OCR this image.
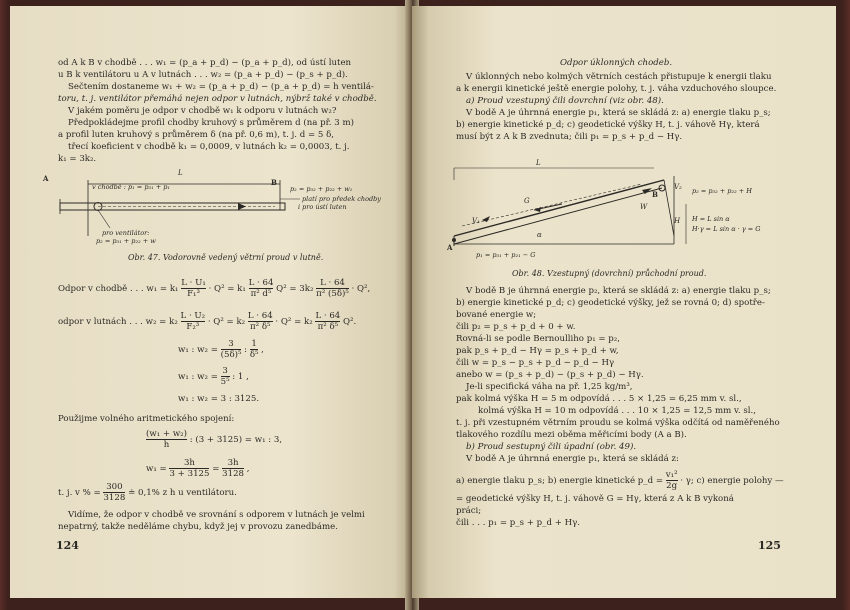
od A k B v chodbě . . . w₁ = (p_a + p_d) − (p_a + p_d), od ústí luten
u B k ventilátoru u A v lutnách . . . w₂ = (p_a + p_d) − (p_s + p_d).
Sečtením dostaneme w₁ + w₂ = (p_a + p_d) − (p_a + p_d) = h ventilá-
toru, t. j. ventilátor přemáhá nejen odpor v lutnách, nýbrž také v chodbě.
V jakém poměru je odpor v chodbě w₁ k odporu v lutnách w₂?
Předpokládejme profil chodby kruhový s průměrem d (na př. 3 m)
a profil luten kruhový s průměrem δ (na př. 0,6 m), t. j. d = 5 δ,
třecí koeficient v chodbě k₁ = 0,0009, v lutnách k₂ = 0,0003, t. j.
k₁ = 3k₂.
A	B
L
v chodbě : p₁ = p₃₁ + p₁	p₂ = p₃₂ + p₂₂ + w₁
platí pro předek chodby
i pro ústí luten
pro ventilátor:
p₂ = p₃₁ + p₂₂ + w
Obr. 47. Vodorovně vedený větrní proud v lutně.
Odpor v chodbě . . . $w_1 = k_1 \frac{\text{L · U₁}}{\text{F₁³}} \cdot Q^2 = k_1 \frac{L \cdot 64}{\text{π² d⁵}} Q^2 = 3k_2 \frac{L \cdot 64}{\text{π² (5δ)⁵}} \cdot Q^2$,
odpor v lutnách . . . $w_2 = k_2 \frac{\text{L · U₂}}{\text{F₂³}} \cdot Q^2 = k_2 \frac{L \cdot 64}{\text{π² δ⁵}} \cdot Q^2 = k_2 \frac{L \cdot 64}{\text{π² δ⁵}} Q^2$.
w₁ : $w_2 = \frac{3}{\text{(5δ)⁵}}$ : $\frac{1}{\text{δ⁵}}$ ,
w₁ : $w_2 = \frac{3}{\text{5⁵}}$ : 1 ,
w₁ : w₂ = 3 : 3125.
Použijme volného aritmetického spojení:
$\frac{\text{(w₁ + w₂)}}{h}$ : (3 + 3125) = w₁ : 3,
$w_1 = \frac{3h}{3 + 3125} = \frac{3h}{3128}$ ,
t. j. v % = $\frac{300}{3128}$ ≐ 0,1% z h u ventilátoru.
Vidíme, že odpor v chodbě ve srovnání s odporem v lutnách je velmi
nepatrný, takže neděláme chybu, když jej v provozu zanedbáme.
124
Odpor úklonných chodeb.
V úklonných nebo kolmých větrních cestách přistupuje k energii tlaku
a k energii kinetické ještě energie polohy, t. j. váha vzduchového sloupce.
a) Proud vzestupný čili dovrchní (viz obr. 48).
V bodě A je úhrnná energie p₁, která se skládá z: a) energie tlaku p_s;
b) energie kinetické p_d; c) geodetické výšky H, t. j. váhově Hγ, která
musí být z A k B zvednuta; čili p₁ = p_s + p_d − Hγ.
A
B
L
G
W
V₁
V₂
α
H
p₂ = p₃₂ + p₂₂ + H
H = L sin α
H·γ = L sin α · γ = G
p₁ = p₃₁ + p₂₁ − G
Obr. 48. Vzestupný (dovrchní) průchodní proud.
V bodě B je úhrnná energie p₂, která se skládá z: a) energie tlaku p_s;
b) energie kinetické p_d; c) geodetické výšky, jež se rovná 0; d) spotře-
bované energie w;
čili p₂ = p_s + p_d + 0 + w.
Rovná-li se podle Bernoulliho p₁ = p₂,
pak p_s + p_d − Hγ = p_s + p_d + w,
čili w = p_s − p_s + p_d − p_d − Hγ
anebo w = (p_s + p_d) − (p_s + p_d) − Hγ.
Je-li specifická váha na př. 1,25 kg/m³,
pak kolmá výška H = 5 m odpovídá . . . 5 × 1,25 = 6,25 mm v. sl.,
kolmá výška H = 10 m odpovídá . . . 10 × 1,25 = 12,5 mm v. sl.,
t. j. při vzestupném větrním proudu se kolmá výška odčítá od naměřeného
tlakového rozdílu mezi oběma měřicími body (A a B).
b) Proud sestupný čili úpadní (obr. 49).
V bodě A je úhrnná energie p₁, která se skládá z:
a) energie tlaku p_s; b) energie kinetické p_d = $\frac{\text{v₁²}}{2g} \cdot \gamma$; c) energie polohy —
= geodetické výšky H, t. j. váhově G = Hγ, která z A k B vykoná
práci;
čili . . . p₁ = p_s + p_d + Hγ.
125
